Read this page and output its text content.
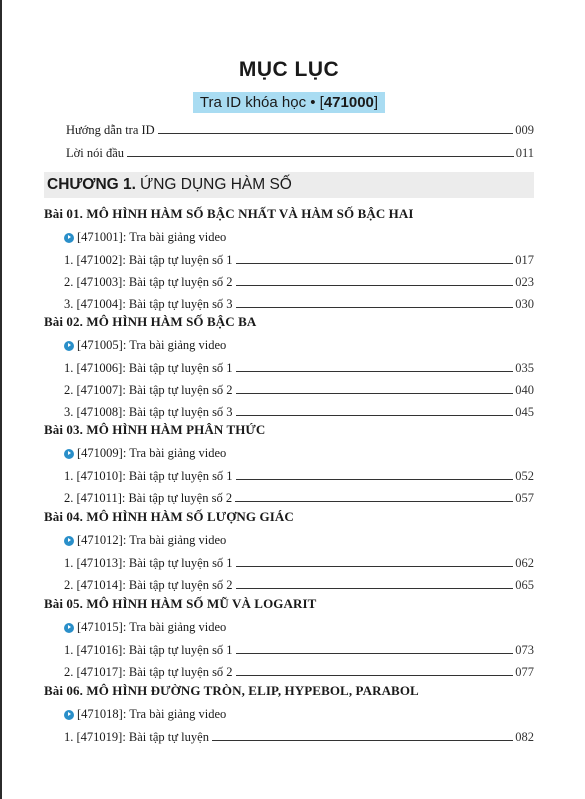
MỤC LỤC
Tra ID khóa học • [471000]
Hướng dẫn tra ID	009
Lời nói đầu	011
CHƯƠNG 1. ỨNG DỤNG HÀM SỐ
Bài 01. MÔ HÌNH HÀM SỐ BẬC NHẤT VÀ HÀM SỐ BẬC HAI
[471001]: Tra bài giảng video
1. [471002]: Bài tập tự luyện số 1	017
2. [471003]: Bài tập tự luyện số 2	023
3. [471004]: Bài tập tự luyện số 3	030
Bài 02. MÔ HÌNH HÀM SỐ BẬC BA
[471005]: Tra bài giảng video
1. [471006]: Bài tập tự luyện số 1	035
2. [471007]: Bài tập tự luyện số 2	040
3. [471008]: Bài tập tự luyện số 3	045
Bài 03. MÔ HÌNH HÀM PHÂN THỨC
[471009]: Tra bài giảng video
1. [471010]: Bài tập tự luyện số 1	052
2. [471011]: Bài tập tự luyện số 2	057
Bài 04. MÔ HÌNH HÀM SỐ LƯỢNG GIÁC
[471012]: Tra bài giảng video
1. [471013]: Bài tập tự luyện số 1	062
2. [471014]: Bài tập tự luyện số 2	065
Bài 05. MÔ HÌNH HÀM SỐ MŨ VÀ LOGARIT
[471015]: Tra bài giảng video
1. [471016]: Bài tập tự luyện số 1	073
2. [471017]: Bài tập tự luyện số 2	077
Bài 06. MÔ HÌNH ĐƯỜNG TRÒN, ELIP, HYPEBOL, PARABOL
[471018]: Tra bài giảng video
1. [471019]: Bài tập tự luyện	082
